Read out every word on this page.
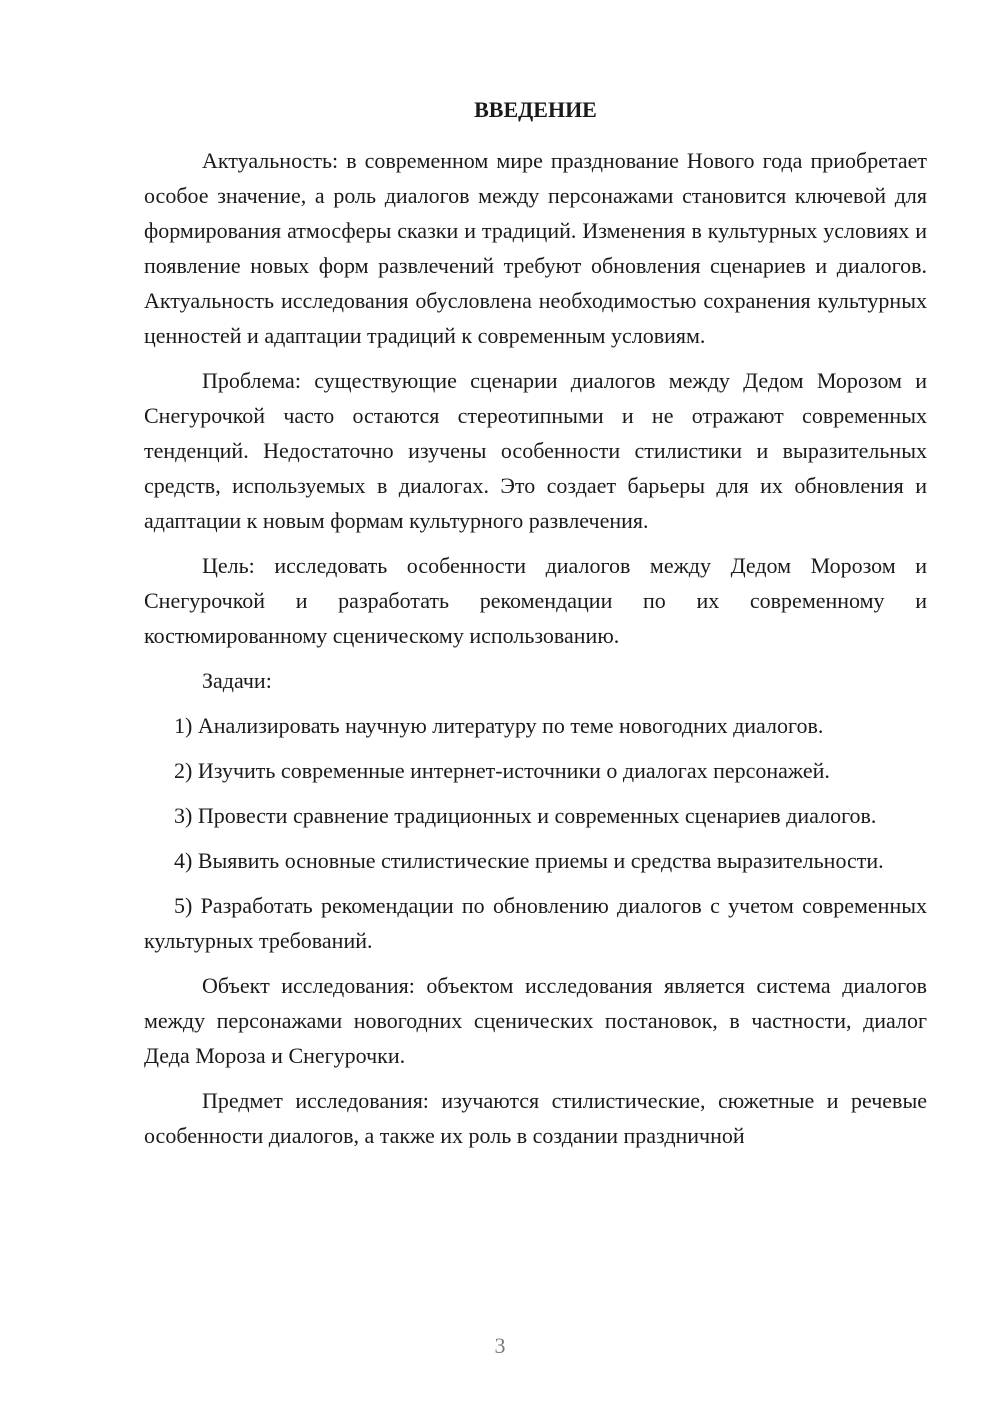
ВВЕДЕНИЕ

Актуальность: в современном мире празднование Нового года приобретает особое значение, а роль диалогов между персонажами становится ключевой для формирования атмосферы сказки и традиций. Изменения в культурных условиях и появление новых форм развлечений требуют обновления сценариев и диалогов. Актуальность исследования обусловлена необходимостью сохранения культурных ценностей и адаптации традиций к современным условиям.

Проблема: существующие сценарии диалогов между Дедом Морозом и Снегурочкой часто остаются стереотипными и не отражают современных тенденций. Недостаточно изучены особенности стилистики и выразительных средств, используемых в диалогах. Это создает барьеры для их обновления и адаптации к новым формам культурного развлечения.

Цель: исследовать особенности диалогов между Дедом Морозом и Снегурочкой и разработать рекомендации по их современному и костюмированному сценическому использованию.

Задачи:

1) Анализировать научную литературу по теме новогодних диалогов.

2) Изучить современные интернет-источники о диалогах персонажей.

3) Провести сравнение традиционных и современных сценариев диалогов.

4) Выявить основные стилистические приемы и средства выразительности.

5) Разработать рекомендации по обновлению диалогов с учетом современных культурных требований.

Объект исследования: объектом исследования является система диалогов между персонажами новогодних сценических постановок, в частности, диалог Деда Мороза и Снегурочки.

Предмет исследования: изучаются стилистические, сюжетные и речевые особенности диалогов, а также их роль в создании праздничной

3
